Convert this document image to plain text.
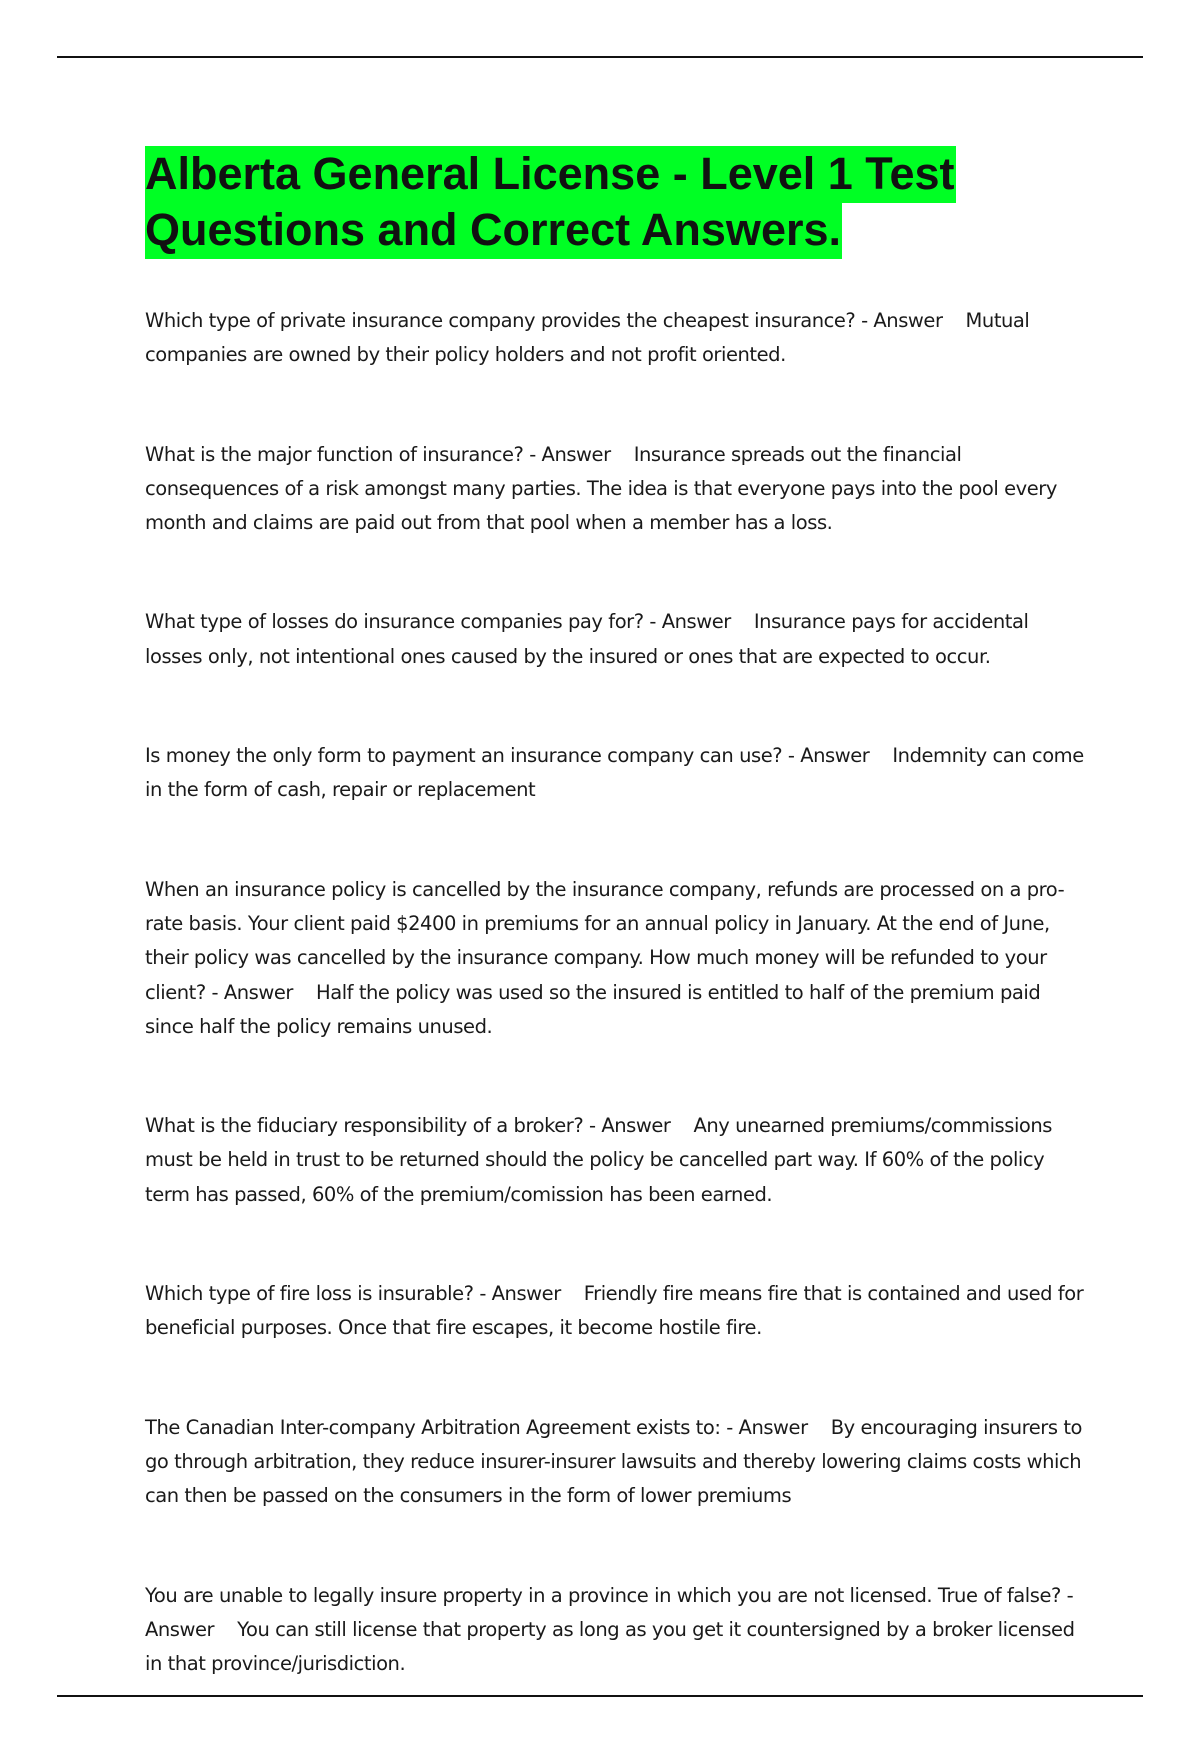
Alberta General License - Level 1 Test Questions and Correct Answers.

Which type of private insurance company provides the cheapest insurance? - Answer Mutual companies are owned by their policy holders and not profit oriented.

What is the major function of insurance? - Answer Insurance spreads out the financial consequences of a risk amongst many parties. The idea is that everyone pays into the pool every month and claims are paid out from that pool when a member has a loss.

What type of losses do insurance companies pay for? - Answer Insurance pays for accidental losses only, not intentional ones caused by the insured or ones that are expected to occur.

Is money the only form to payment an insurance company can use? - Answer Indemnity can come in the form of cash, repair or replacement

When an insurance policy is cancelled by the insurance company, refunds are processed on a pro-rate basis. Your client paid $2400 in premiums for an annual policy in January. At the end of June, their policy was cancelled by the insurance company. How much money will be refunded to your client? - Answer Half the policy was used so the insured is entitled to half of the premium paid since half the policy remains unused.

What is the fiduciary responsibility of a broker? - Answer Any unearned premiums/commissions must be held in trust to be returned should the policy be cancelled part way. If 60% of the policy term has passed, 60% of the premium/comission has been earned.

Which type of fire loss is insurable? - Answer Friendly fire means fire that is contained and used for beneficial purposes. Once that fire escapes, it become hostile fire.

The Canadian Inter-company Arbitration Agreement exists to: - Answer By encouraging insurers to go through arbitration, they reduce insurer-insurer lawsuits and thereby lowering claims costs which can then be passed on the consumers in the form of lower premiums

You are unable to legally insure property in a province in which you are not licensed. True of false? - Answer You can still license that property as long as you get it countersigned by a broker licensed in that province/jurisdiction.
